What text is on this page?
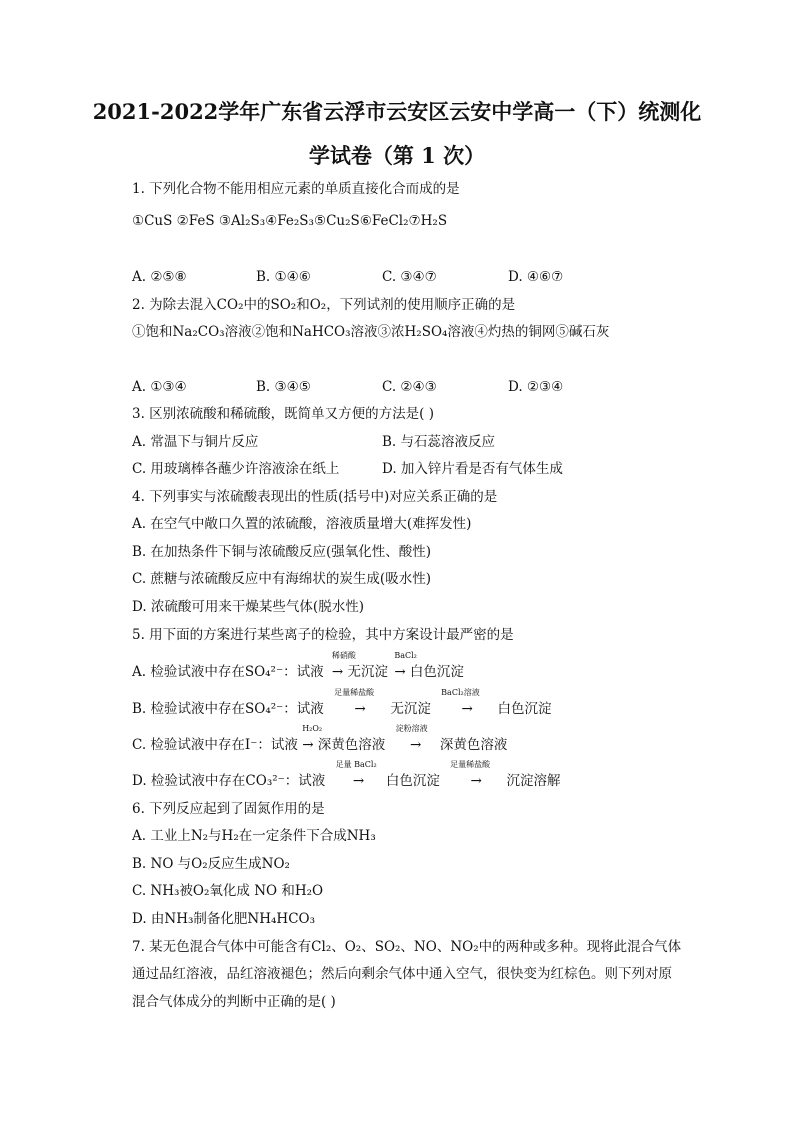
2021-2022学年广东省云浮市云安区云安中学高一（下）统测化
学试卷（第 1 次）
1. 下列化合物不能用相应元素的单质直接化合而成的是
①CuS ②FeS ③Al₂S₃④Fe₂S₃⑤Cu₂S⑥FeCl₂⑦H₂S
A. ②⑤⑧	B. ①④⑥	C. ③④⑦	D. ④⑥⑦
2. 为除去混入CO₂中的SO₂和O₂，下列试剂的使用顺序正确的是
①饱和Na₂CO₃溶液②饱和NaHCO₃溶液③浓H₂SO₄溶液④灼热的铜网⑤碱石灰
A. ①③④	B. ③④⑤	C. ②④③	D. ②③④
3. 区别浓硫酸和稀硫酸，既简单又方便的方法是( )
A. 常温下与铜片反应	B. 与石蕊溶液反应
C. 用玻璃棒各蘸少许溶液涂在纸上	D. 加入锌片看是否有气体生成
4. 下列事实与浓硫酸表现出的性质(括号中)对应关系正确的是
A. 在空气中敞口久置的浓硫酸，溶液质量增大(难挥发性)
B. 在加热条件下铜与浓硫酸反应(强氧化性、酸性)
C. 蔗糖与浓硫酸反应中有海绵状的炭生成(吸水性)
D. 浓硫酸可用来干燥某些气体(脱水性)
5. 用下面的方案进行某些离子的检验，其中方案设计最严密的是
A. 检验试液中存在SO₄²⁻：试液
稀硝酸
→ 无沉淀
BaCl₂
→ 白色沉淀
B. 检验试液中存在SO₄²⁻：试液
足量稀盐酸
→ 无沉淀
BaCl₂溶液
→ 白色沉淀
C. 检验试液中存在I⁻：试液
H₂O₂
→ 深黄色溶液
淀粉溶液
→ 深黄色溶液
D. 检验试液中存在CO₃²⁻：试液
足量 BaCl₂
→ 白色沉淀
足量稀盐酸
→ 沉淀溶解
6. 下列反应起到了固氮作用的是
A. 工业上N₂与H₂在一定条件下合成NH₃
B. NO 与O₂反应生成NO₂
C. NH₃被O₂氧化成 NO 和H₂O
D. 由NH₃制备化肥NH₄HCO₃
7. 某无色混合气体中可能含有Cl₂、O₂、SO₂、NO、NO₂中的两种或多种。现将此混合气体
通过品红溶液，品红溶液褪色；然后向剩余气体中通入空气，很快变为红棕色。则下列对原
混合气体成分的判断中正确的是( )
